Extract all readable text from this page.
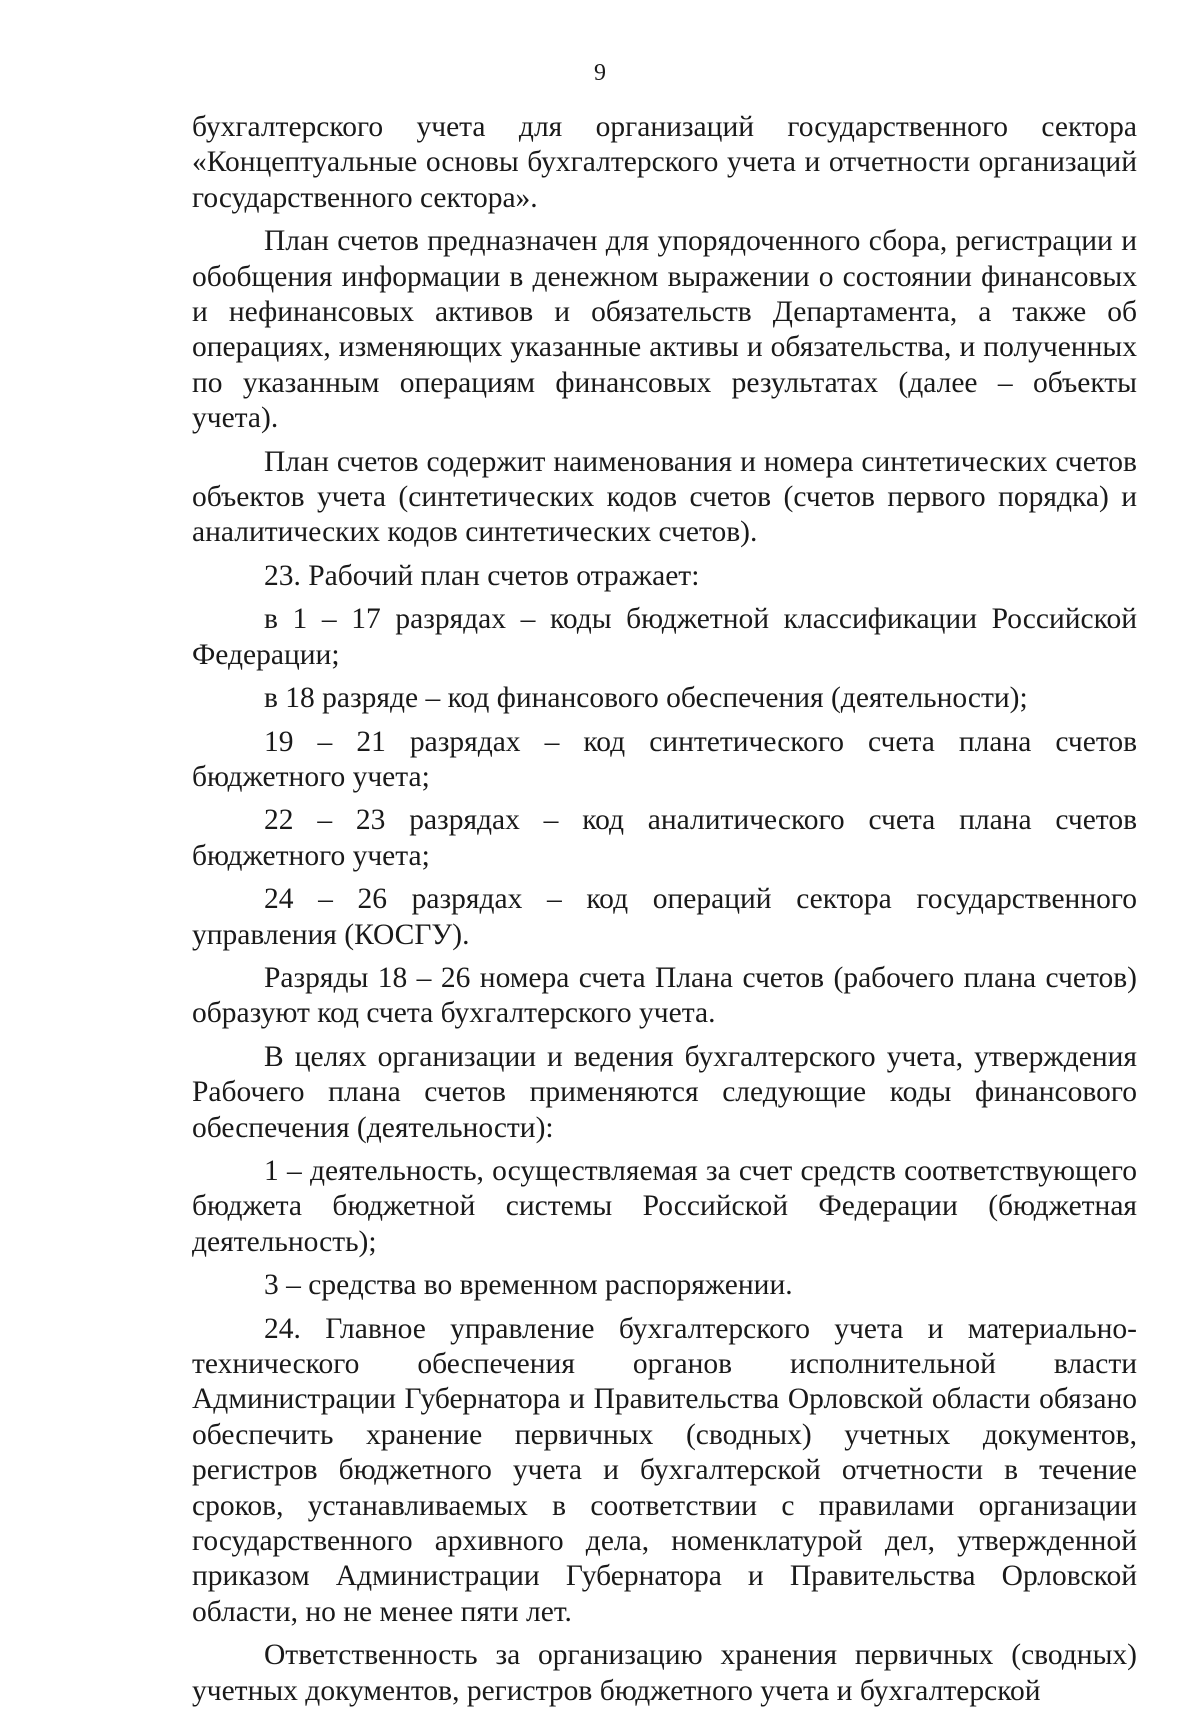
9

бухгалтерского учета для организаций государственного сектора «Концептуальные основы бухгалтерского учета и отчетности организаций государственного сектора».

План счетов предназначен для упорядоченного сбора, регистрации и обобщения информации в денежном выражении о состоянии финансовых и нефинансовых активов и обязательств Департамента, а также об операциях, изменяющих указанные активы и обязательства, и полученных по указанным операциям финансовых результатах (далее – объекты учета).

План счетов содержит наименования и номера синтетических счетов объектов учета (синтетических кодов счетов (счетов первого порядка) и аналитических кодов синтетических счетов).

23. Рабочий план счетов отражает:

в 1 – 17 разрядах – коды бюджетной классификации Российской Федерации;

в 18 разряде – код финансового обеспечения (деятельности);

19 – 21 разрядах – код синтетического счета плана счетов бюджетного учета;

22 – 23 разрядах – код аналитического счета плана счетов бюджетного учета;

24 – 26 разрядах – код операций сектора государственного управления (КОСГУ).

Разряды 18 – 26 номера счета Плана счетов (рабочего плана счетов) образуют код счета бухгалтерского учета.

В целях организации и ведения бухгалтерского учета, утверждения Рабочего плана счетов применяются следующие коды финансового обеспечения (деятельности):

1 – деятельность, осуществляемая за счет средств соответствующего бюджета бюджетной системы Российской Федерации (бюджетная деятельность);

3 – средства во временном распоряжении.

24. Главное управление бухгалтерского учета и материально-технического обеспечения органов исполнительной власти Администрации Губернатора и Правительства Орловской области обязано обеспечить хранение первичных (сводных) учетных документов, регистров бюджетного учета и бухгалтерской отчетности в течение сроков, устанавливаемых в соответствии с правилами организации государственного архивного дела, номенклатурой дел, утвержденной приказом Администрации Губернатора и Правительства Орловской области, но не менее пяти лет.

Ответственность за организацию хранения первичных (сводных) учетных документов, регистров бюджетного учета и бухгалтерской
